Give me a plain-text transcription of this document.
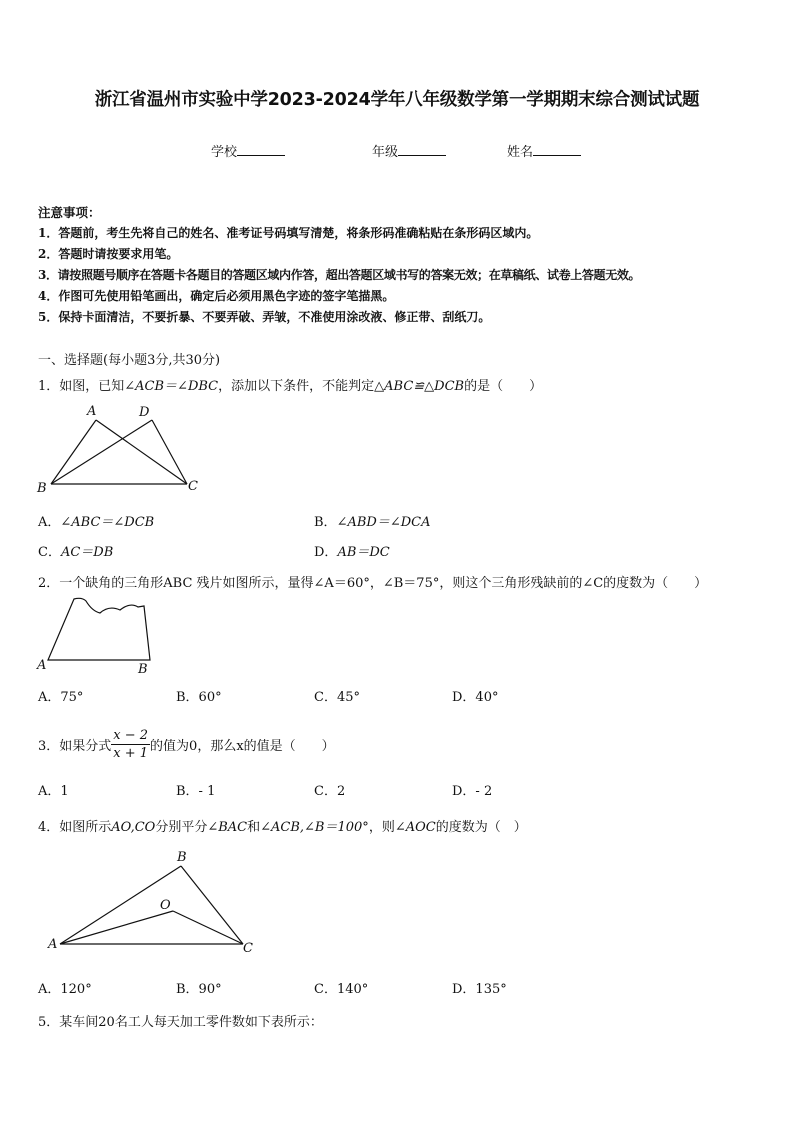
浙江省温州市实验中学2023-2024学年八年级数学第一学期期末综合测试试题
学校	年级	姓名
注意事项：
1．答题前，考生先将自己的姓名、准考证号码填写清楚，将条形码准确粘贴在条形码区域内。
2．答题时请按要求用笔。
3．请按照题号顺序在答题卡各题目的答题区域内作答，超出答题区域书写的答案无效；在草稿纸、试卷上答题无效。
4．作图可先使用铅笔画出，确定后必须用黑色字迹的签字笔描黑。
5．保持卡面清洁，不要折暴、不要弄破、弄皱，不准使用涂改液、修正带、刮纸刀。
一、选择题(每小题3分,共30分)
1．如图，已知∠ACB＝∠DBC，添加以下条件，不能判定△ABC≌△DCB的是（　　）
A	D
B	C
A．∠ABC＝∠DCB	B．∠ABD＝∠DCA
C．AC＝DB	D．AB＝DC
2．一个缺角的三角形ABC 残片如图所示，量得∠A＝60°，∠B＝75°，则这个三角形残缺前的∠C的度数为（　　）
A	B
A．75°	B．60°	C．45°	D．40°
3．如果分式 $\frac{x - 2}{x + 1}$ 的值为0，那么x的值是（　　）
A．1	B．- 1	C．2	D．- 2
4．如图所示AO,CO分别平分∠BAC和∠ACB,∠B＝100°，则∠AOC的度数为（　）
B
O
A	C
A．120°	B．90°	C．140°	D．135°
5．某车间20名工人每天加工零件数如下表所示：
